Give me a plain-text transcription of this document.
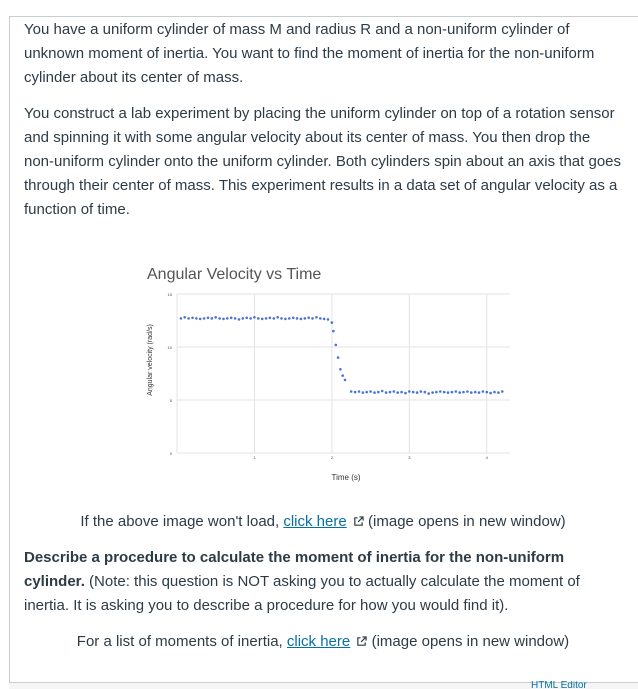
You have a uniform cylinder of mass M and radius R and a non-uniform cylinder of unknown moment of inertia. You want to find the moment of inertia for the non-uniform cylinder about its center of mass.

You construct a lab experiment by placing the uniform cylinder on top of a rotation sensor and spinning it with some angular velocity about its center of mass. You then drop the non-uniform cylinder onto the uniform cylinder. Both cylinders spin about an axis that goes through their center of mass. This experiment results in a data set of angular velocity as a function of time.

Angular Velocity vs Time
Angular velocity (rad/s)
Time (s)
0
5
10
15
1	2	3	4

If the above image won't load, click here  (image opens in new window)

Describe a procedure to calculate the moment of inertia for the non-uniform cylinder. (Note: this question is NOT asking you to actually calculate the moment of inertia. It is asking you to describe a procedure for how you would find it).

For a list of moments of inertia, click here  (image opens in new window)

HTML Editor
